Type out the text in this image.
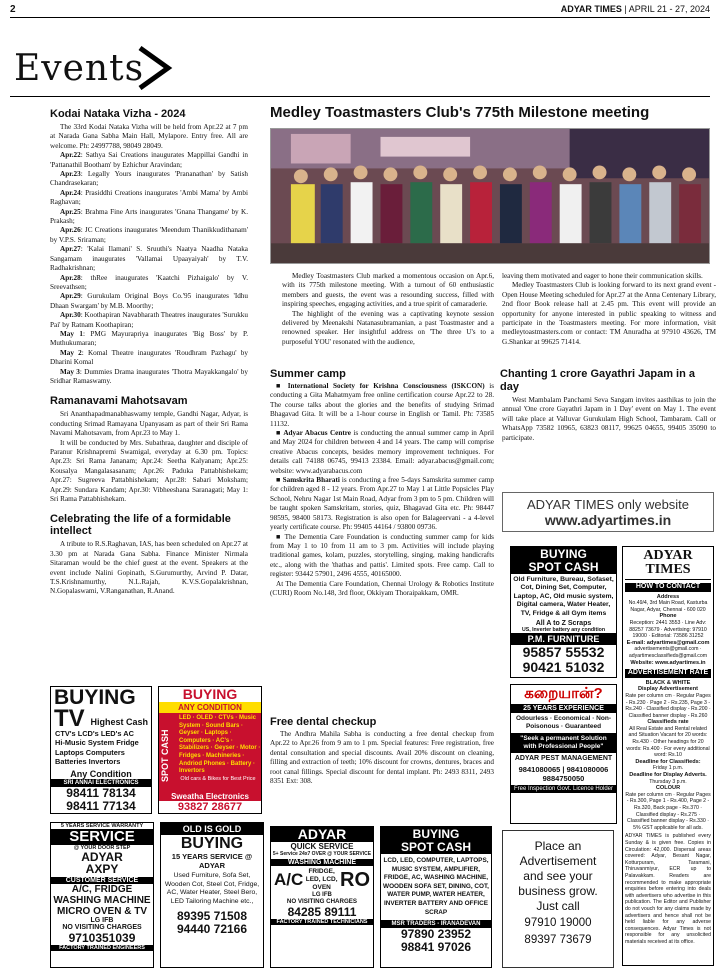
2	ADYAR TIMES | APRIL 21 - 27, 2024
Events
Kodai Nataka Vizha - 2024

The 33rd Kodai Nataka Vizha will be held from Apr.22 at 7 pm at Narada Gana Sabha Main Hall, Mylapore. Entry free. All are welcome. Ph: 24997788, 98049 28049.

Apr.22: Sathya Sai Creations inaugurates Mappillai Gandhi in 'Pattanathil Bootham' by Ezhichur Aravindan;

Apr.23: Legally Yours inaugurates 'Prananathan' by Satish Chandrasekaran;

Apr.24: Prasiddhi Creations inaugurates 'Ambi Mama' by Ambi Raghavan;

Apr.25: Brahma Fine Arts inaugurates 'Gnana Thangame' by K. Prakash;

Apr.26: JC Creations inaugurates 'Meendum Thanikkudithanam' by V.P.S. Sriraman;

Apr.27: 'Kalai Ilamani' S. Sruuthi's Naatya Naadha Nataka Sangamam inaugurates 'Vallamai Upaayaiyah' by T.V. Radhakrishnan;

Apr.28: thRee inaugurates 'Kaatchi Pizhaigalo' by V. Sreevathsen;

Apr.29: Gurukulam Original Boys Co.'95 inaugurates 'Idhu Dhaan Swargam' by M.B. Moorthy;

Apr.30: Koothapiran Navabharath Theatres inaugurates 'Surukku Pai' by Ratnam Koothapiran;

May 1: PMG Mayurapriya inaugurates 'Big Boss' by P. Muthukumaran;

May 2: Komal Theatre inaugurates 'Roudhram Pazhagu' by Dharini Komal

May 3: Dummies Drama inaugurates 'Thotra Mayakkangalo' by Sridhar Ramaswamy.

Ramanavami Mahotsavam

Sri Ananthapadmanabhaswamy temple, Gandhi Nagar, Adyar, is conducting Srimad Ramayana Upanyasam as part of their Sri Rama Navami Mahotsavam, from Apr.23 to May 1.

It will be conducted by Mrs. Subathraa, daughter and disciple of Paranur Krishnapremi Swamigal, everyday at 6.30 pm. Topics: Apr.23: Sri Rama Jananam; Apr.24: Seetha Kalyanam; Apr.25: Kousalya Mangalasasanam; Apr.26: Paduka Pattabhishekam; Apr.27: Sugreeva Pattabhishekam; Apr.28: Sabari Moksham; Apr.29: Sundara Kandam; Apr.30: Vibheeshana Saranagati; May 1: Sri Rama Pattabhishekam.

Celebrating the life of a formidable intellect

A tribute to R.S.Raghavan, IAS, has been scheduled on Apr.27 at 3.30 pm at Narada Gana Sabha. Finance Minister Nirmala Sitaraman would be the chief guest at the event. Speakers at the event include Nalini Gopinath, S.Gurumurthy, Arvind P. Datar, T.S.Krishnamurthy, N.L.Rajah, K.V.S.Gopalakrishnan, N.Gopalaswami, V.Ranganathan, R.Anand.

Medley Toastmasters Club's 775th Milestone meeting

Medley Toastmasters Club marked a momentous occasion on Apr.6, with its 775th milestone meeting. With a turnout of 60 enthusiastic members and guests, the event was a resounding success, filled with inspiring speeches, engaging activities, and a true spirit of camaraderie.

The highlight of the evening was a captivating keynote session delivered by Meenakshi Natanasubramanian, a past Toastmaster and a renowned speaker. Her insightful address on 'The three U's to a purposeful YOU' resonated with the audience,

leaving them motivated and eager to hone their communication skills.

Medley Toastmasters Club is looking forward to its next grand event - Open House Meeting scheduled for Apr.27 at the Anna Centenary Library, 2nd floor Book release hall at 2.45 pm. This event will provide an opportunity for anyone interested in public speaking to witness and participate in the Toastmasters meeting. For more information, visit medleytoastmasters.com or contact: TM Anuradha at 97910 43626, TM G.Shankar at 99625 71414.

Summer camp

■ International Society for Krishna Consciousness (ISKCON) is conducting a Gita Mahatmyam free online certification course Apr.22 to 28. The course talks about the glories and the benefits of studying Srimad Bhagavad Gita. It will be a 1-hour course in English or Tamil. Ph: 73585 11132.

■ Adyar Abacus Centre is conducting the annual summer camp in April and May 2024 for children between 4 and 14 years. The camp will comprise creative Abacus concepts, besides memory improvement techniques. For details call 74188 06745, 99413 23384. Email: adyar.abacus@gmail.com; website: www.adyarabacus.com

■ Samskrita Bharati is conducting a free 5-days Samskrita summer camp for children aged 8 - 12 years. From Apr.27 to May 1 at Little Popsicles Play School, Nehru Nagar 1st Main Road, Adyar from 3 pm to 5 pm. Children will be taught spoken Samskritam, stories, quiz, Bhagavad Gita etc. Ph: 98447 98595, 98400 58173. Registration is also open for Balageervani - a 4-level yearly certificate course. Ph: 99405 44164 / 93800 09736.

■ The Dementia Care Foundation is conducting summer camp for kids from May 1 to 10 from 11 am to 3 pm. Activities will include playing traditional games, kolam, puzzles, storytelling, singing, making handicrafts etc., along with the 'thathas and pattis'. Limited spots. Free camp. Call to register: 93442 57901, 2496 4555, 40165000.

At The Dementia Care Foundation, Chennai Urology & Robotics Institute (CURI) Room No.148, 3rd floor, Okkiyam Thoraipakkam, OMR.

Free dental checkup

The Andhra Mahila Sabha is conducting a free dental checkup from Apr.22 to Apr.26 from 9 am to 1 pm. Special features: Free registration, free dental consultation and special discounts. Avail 20% discount on cleaning, filling and extraction of teeth; 10% discount for crowns, dentures, braces and root canal fillings. Special discount for dental implant. Ph: 2493 8311, 2493 8351 Ext: 308.

Chanting 1 crore Gayathri Japam in a day

West Mambalam Panchami Seva Sangam invites aasthikas to join the annual 'One crore Gayathri Japam in 1 Day' event on May 1. The event will take place at Valluvar Gurukulam High School, Tambaram. Call or WhatsApp 73582 10965, 63823 08117, 99625 04655, 99405 35090 to participate.

ADYAR TIMES only website
www.adyartimes.in
BUYING
SPOT CASH
Old Furniture, Bureau, Sofaset, Cot, Dining Set, Computer, Laptop, AC, Old music system, Digital camera, Water Heater, TV, Fridge & all Gym items
All A to Z Scraps
US, Inverter battery any condition
P.M. FURNITURE
95857 55532
90421 51032
கறையான்?
25 YEARS EXPERIENCE
Odourless · Economical · Non-Poisonous · Guaranteed
"Seek a permanent Solution with Professional People"
ADYAR PEST MANAGEMENT
9841080065 | 9841080006
9884750050
Free Inspection Govt. Licence Holder
ADYAR TIMES
HOW TO CONTACT
Address
No.49/4, 3rd Main Road, Kasturba Nagar, Adyar, Chennai - 600 020
Phone
Reception: 2441 3553 · Line Adv: 88257 73679 · Advertising: 97910 19000 · Editorial: 73586 31252
E-mail: adyartimes@gmail.com
advertisements@gmail.com · adyartimesclassifieds@gmail.com
Website: www.adyartimes.in
ADVERTISEMENT RATE
BLACK & WHITE
Display Advertisement
Rate per column cm · Regular Pages - Rs.230 · Page 2 - Rs.235, Page 3 - Rs.240 · Classified display - Rs.200 · Classified banner display - Rs.260
Classifieds rate
All Real Estate and Rental related and Situation Vacant for 20 words: Rs.430 · Other headings for 20 words: Rs.400 · For every additional word: Rs.10
Deadline for Classifieds:
Friday 1 p.m.
Deadline for Display Adverts.
Thursday 3 p.m.
COLOUR
Rate per column cm · Regular Pages - Rs.300, Page 1 - Rs.400, Page 2 - Rs.320, Back page - Rs.370 · Classified display - Rs.275 · Classified banner display - Rs.330 · 5% GST applicable for all ads.
ADYAR TIMES is published every Sunday & is given free. Copies in Circulation: 42,000. Dispersal areas covered: Adyar, Besant Nagar, Kotturpuram, Taramani, Thiruvanmiyur, ECR up to Palavakkam. Readers are recommended to make appropriate enquiries before entering into deals with advertisers who advertise in this publication. The Editor and Publisher do not vouch for any claims made by advertisers and hence shall not be held liable for any adverse consequences. Adyar Times is not responsible for any unsolicited materials received at its office.
BUYING
TV Highest Cash
CTV's LCD's LED's AC
Hi-Music System Fridge
Laptops Computers
Batteries Invertors
Any Condition
SRI ANNAI ELECTRONICS
98411 78134
98411 77134
BUYING
ANY CONDITION
SPOT CASH
LED · OLED · CTVs · Music System · Sound Bars · Geyser · Laptops · Computers · AC's · Stabilizers · Geyser · Motor · Fridges · Machineries · Andriod Phones · Battery · Invertors
Old cars & Bikes for Best Price
Sweatha Electronics
93827 28677
5 YEARS SERVICE WARRANTY
SERVICE
@ YOUR DOOR STEP
ADYAR
AXPY
CUSTOMER SERVICE
A/C, FRIDGE WASHING MACHINE MICRO OVEN & TV
LG IFB
NO VISITING CHARGES
9710351039
FACTORY TRAINED ENGINEERS
OLD IS GOLD
BUYING
15 YEARS SERVICE @ ADYAR
Used Furniture, Sofa Set, Wooden Cot, Steel Cot, Fridge, AC, Water Heater, Steel Bero, LED Tailoring Machine etc.,
89395 71508
94440 72166
ADYAR
QUICK SERVICE
5+ Service 24x7 OVER @ YOUR SERVICE
WASHING MACHINE
A/C FRIDGE, LED, LCD, OVEN RO
LG IFB
NO VISITING CHARGES
84285 89111
FACTORY TRAINED TECHNICIANS
BUYING
SPOT CASH
LCD, LED, COMPUTER, LAPTOPS, MUSIC SYSTEM, AMPLIFIER, FRIDGE, AC, WASHING MACHINE, WOODEN SOFA SET, DINING, COT, WATER PUMP, WATER HEATER, INVERTER BATTERY AND OFFICE SCRAP
MSR TRADERS - IRANADEVAN
97890 23952
98841 97026
Place an
Advertisement
and see your
business grow.
Just call
97910 19000
89397 73679
